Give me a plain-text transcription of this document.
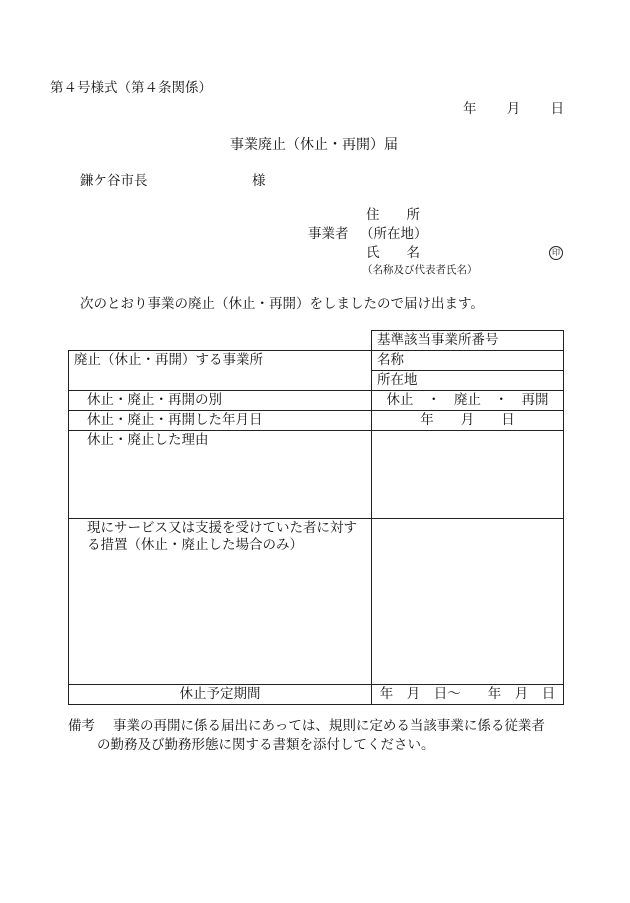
第４号様式（第４条関係）
年 月 日
事業廃止（休止・再開）届
鎌ケ谷市長	様
住　　所
事業者 （所在地）
氏　　名	印
（名称及び代表者氏名）
次のとおり事業の廃止（休止・再開）をしましたので届け出ます。
	基準該当事業所番号
廃止（休止・再開）する事業所	名称
	所在地
休止・廃止・再開の別	休止　・　廃止　・　再開
休止・廃止・再開した年月日	年　　月　　日
休止・廃止した理由	
現にサービス又は支援を受けていた者に対する措置（休止・廃止した場合のみ）	
休止予定期間	年　月　日～　　年　月　日
備考 事業の再開に係る届出にあっては、規則に定める当該事業に係る従業者
の勤務及び勤務形態に関する書類を添付してください。
